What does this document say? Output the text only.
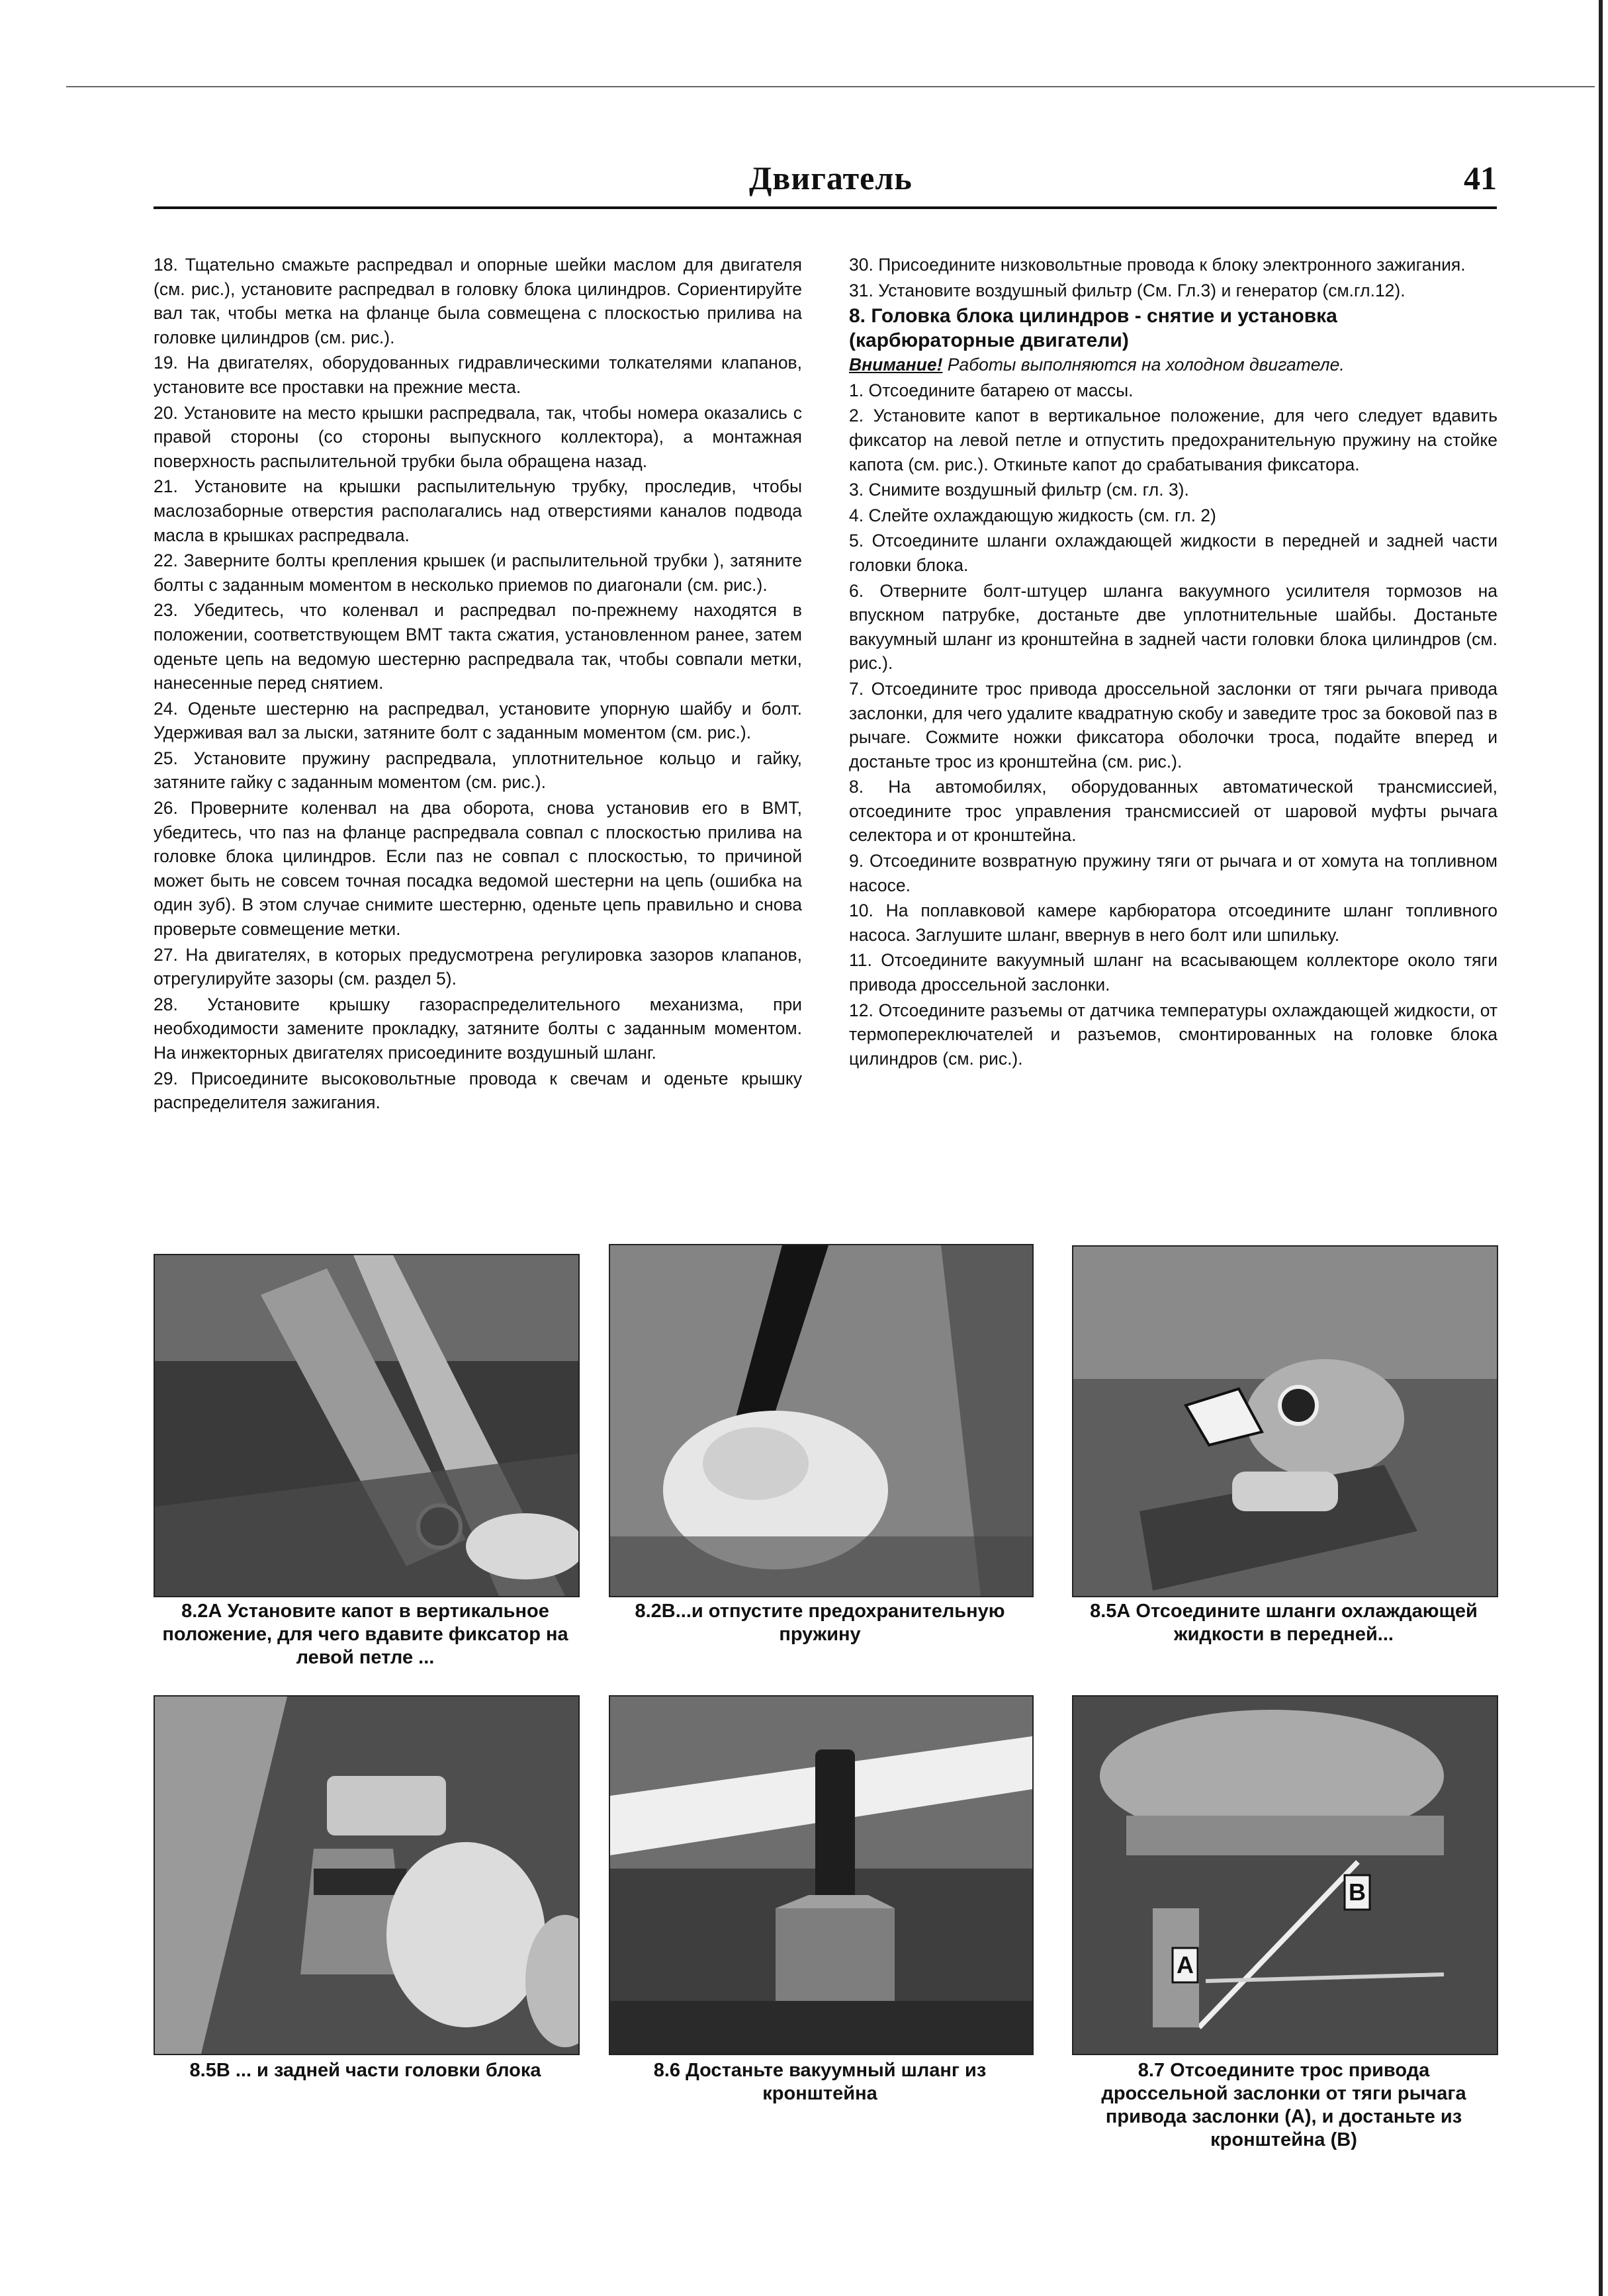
Двигатель	41

18. Тщательно смажьте распредвал и опорные шейки маслом для двигателя (см. рис.), установите распредвал в головку блока цилиндров. Сориентируйте вал так, чтобы метка на фланце была совмещена с плоскостью прилива на головке цилиндров (см. рис.).

19. На двигателях, оборудованных гидравлическими толкателями клапанов, установите все проставки на прежние места.

20. Установите на место крышки распредвала, так, чтобы номера оказались с правой стороны (со стороны выпускного коллектора), а монтажная поверхность распылительной трубки была обращена назад.

21. Установите на крышки распылительную трубку, проследив, чтобы маслозаборные отверстия располагались над отверстиями каналов подвода масла в крышках распредвала.

22. Заверните болты крепления крышек (и распылительной трубки ), затяните болты с заданным моментом в несколько приемов по диагонали (см. рис.).

23. Убедитесь, что коленвал и распредвал по-прежнему находятся в положении, соответствующем ВМТ такта сжатия, установленном ранее, затем оденьте цепь на ведомую шестерню распредвала так, чтобы совпали метки, нанесенные перед снятием.

24. Оденьте шестерню на распредвал, установите упорную шайбу и болт. Удерживая вал за лыски, затяните болт с заданным моментом (см. рис.).

25. Установите пружину распредвала, уплотнительное кольцо и гайку, затяните гайку с заданным моментом (см. рис.).

26. Проверните коленвал на два оборота, снова установив его в ВМТ, убедитесь, что паз на фланце распредвала совпал с плоскостью прилива на головке блока цилиндров. Если паз не совпал с плоскостью, то причиной может быть не совсем точная посадка ведомой шестерни на цепь (ошибка на один зуб). В этом случае снимите шестерню, оденьте цепь правильно и снова проверьте совмещение метки.

27. На двигателях, в которых предусмотрена регулировка зазоров клапанов, отрегулируйте зазоры (см. раздел 5).

28. Установите крышку газораспределительного механизма, при необходимости замените прокладку, затяните болты с заданным моментом. На инжекторных двигателях присоедините воздушный шланг.

29. Присоедините высоковольтные провода к свечам и оденьте крышку распределителя зажигания.

30. Присоедините низковольтные провода к блоку электронного зажигания.

31. Установите воздушный фильтр (См. Гл.3) и генератор (см.гл.12).

8. Головка блока цилиндров - снятие и установка (карбюраторные двигатели)

Внимание! Работы выполняются на холодном двигателе.

1. Отсоедините батарею от массы.

2. Установите капот в вертикальное положение, для чего следует вдавить фиксатор на левой петле и отпустить предохранительную пружину на стойке капота (см. рис.). Откиньте капот до срабатывания фиксатора.

3. Снимите воздушный фильтр (см. гл. 3).

4. Слейте охлаждающую жидкость (см. гл. 2)

5. Отсоедините шланги охлаждающей жидкости в передней и задней части головки блока.

6. Отверните болт-штуцер шланга вакуумного усилителя тормозов на впускном патрубке, достаньте две уплотнительные шайбы. Достаньте вакуумный шланг из кронштейна в задней части головки блока цилиндров (см. рис.).

7. Отсоедините трос привода дроссельной заслонки от тяги рычага привода заслонки, для чего удалите квадратную скобу и заведите трос за боковой паз в рычаге. Сожмите ножки фиксатора оболочки троса, подайте вперед и достаньте трос из кронштейна (см. рис.).

8. На автомобилях, оборудованных автоматической трансмиссией, отсоедините трос управления трансмиссией от шаровой муфты рычага селектора и от кронштейна.

9. Отсоедините возвратную пружину тяги от рычага и от хомута на топливном насосе.

10. На поплавковой камере карбюратора отсоедините шланг топливного насоса. Заглушите шланг, ввернув в него болт или шпильку.

11. Отсоедините вакуумный шланг на всасывающем коллекторе около тяги привода дроссельной заслонки.

12. Отсоедините разъемы от датчика температуры охлаждающей жидкости, от термопереключателей и разъемов, смонтированных на головке блока цилиндров (см. рис.).

8.2А Установите капот в вертикальное положение, для чего вдавите фиксатор на левой петле ...
8.2В...и отпустите предохранительную пружину
8.5А Отсоедините шланги охлаждающей жидкости в передней...
A
B
8.5В ... и задней части головки блока	8.6 Достаньте вакуумный шланг из кронштейна
8.7 Отсоедините трос привода дроссельной заслонки от тяги рычага привода заслонки (А), и достаньте из кронштейна (В)
